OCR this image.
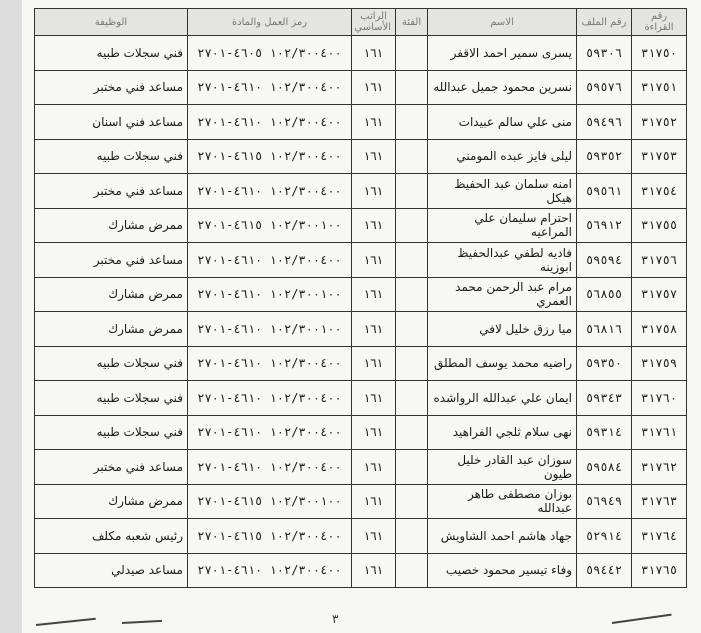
رقم القراءة	رقم الملف	الاسم	الفئة	الراتب الأساسي	رمز العمل والمادة	الوظيفة
٣١٧٥٠	٥٩٣٠٦	يسرى سمير احمد الاقفر		١٦١	١٠٢/٣٠٠٤٠٠ ٤٦٠٥-٢٧٠١	فني سجلات طبيه
٣١٧٥١	٥٩٥٧٦	نسرين محمود جميل عبدالله		١٦١	١٠٢/٣٠٠٤٠٠ ٤٦١٠-٢٧٠١	مساعد فني مختبر
٣١٧٥٢	٥٩٤٩٦	منى علي سالم عبيدات		١٦١	١٠٢/٣٠٠٤٠٠ ٤٦١٠-٢٧٠١	مساعد فني اسنان
٣١٧٥٣	٥٩٣٥٢	ليلى فايز عبده المومني		١٦١	١٠٢/٣٠٠٤٠٠ ٤٦١٥-٢٧٠١	فني سجلات طبيه
٣١٧٥٤	٥٩٥٦١	امنه سلمان عبد الحفيظ هيكل		١٦١	١٠٢/٣٠٠٤٠٠ ٤٦١٠-٢٧٠١	مساعد فني مختبر
٣١٧٥٥	٥٦٩١٢	احترام سليمان علي المراعيه		١٦١	١٠٢/٣٠٠١٠٠ ٤٦١٥-٢٧٠١	ممرض مشارك
٣١٧٥٦	٥٩٥٩٤	فاديه لطفي عبدالحفيظ ابوزينه		١٦١	١٠٢/٣٠٠٤٠٠ ٤٦١٠-٢٧٠١	مساعد فني مختبر
٣١٧٥٧	٥٦٨٥٥	مرام عبد الرحمن محمد العمري		١٦١	١٠٢/٣٠٠١٠٠ ٤٦١٠-٢٧٠١	ممرض مشارك
٣١٧٥٨	٥٦٨١٦	ميا رزق خليل لافي		١٦١	١٠٢/٣٠٠١٠٠ ٤٦١٠-٢٧٠١	ممرض مشارك
٣١٧٥٩	٥٩٣٥٠	راضيه محمد يوسف المطلق		١٦١	١٠٢/٣٠٠٤٠٠ ٤٦١٠-٢٧٠١	فني سجلات طبيه
٣١٧٦٠	٥٩٣٤٣	ايمان علي عبدالله الرواشده		١٦١	١٠٢/٣٠٠٤٠٠ ٤٦١٠-٢٧٠١	فني سجلات طبيه
٣١٧٦١	٥٩٣١٤	نهى سلام ثلجي الفراهيد		١٦١	١٠٢/٣٠٠٤٠٠ ٤٦١٠-٢٧٠١	فني سجلات طبيه
٣١٧٦٢	٥٩٥٨٤	سوزان عبد القادر خليل طيون		١٦١	١٠٢/٣٠٠٤٠٠ ٤٦١٠-٢٧٠١	مساعد فني مختبر
٣١٧٦٣	٥٦٩٤٩	بوزان مصطفى طاهر عبدالله		١٦١	١٠٢/٣٠٠١٠٠ ٤٦١٥-٢٧٠١	ممرض مشارك
٣١٧٦٤	٥٢٩١٤	جهاد هاشم احمد الشاويش		١٦١	١٠٢/٣٠٠٤٠٠ ٤٦١٥-٢٧٠١	رئيس شعبه مكلف
٣١٧٦٥	٥٩٤٤٢	وفاء تيسير محمود خصيب		١٦١	١٠٢/٣٠٠٤٠٠ ٤٦١٠-٢٧٠١	مساعد صيدلي
٣
